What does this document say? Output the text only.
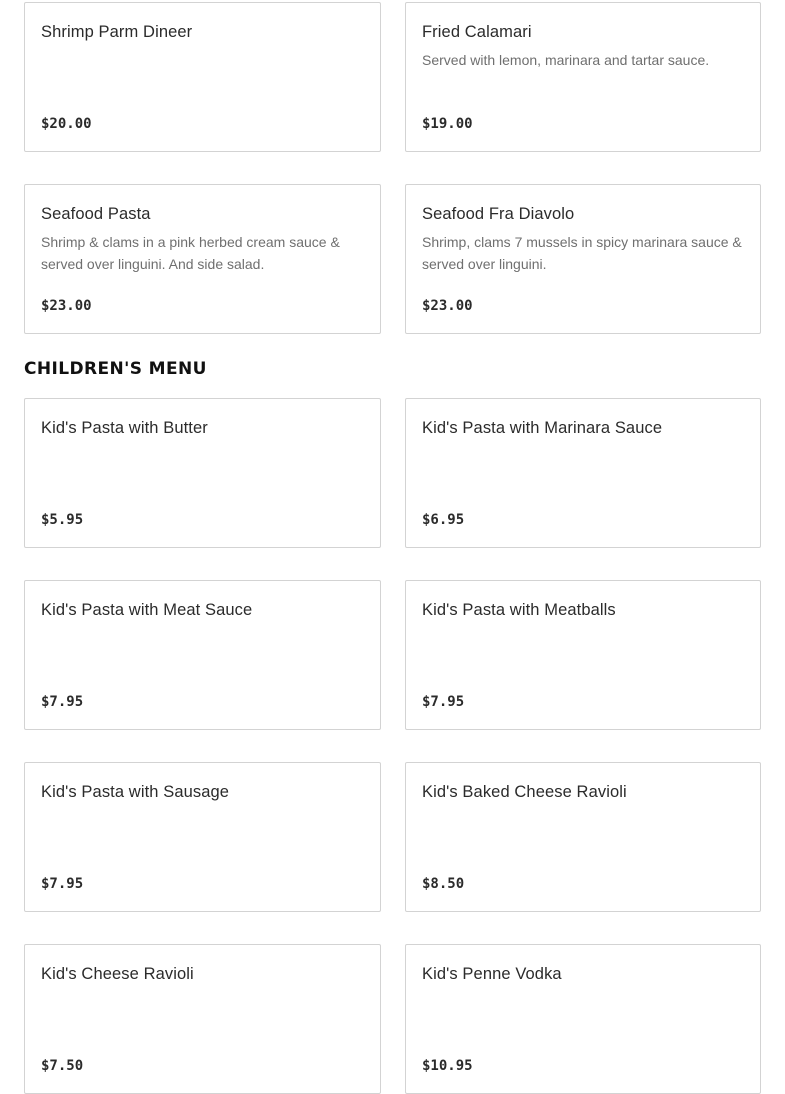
Shrimp Parm Dineer
$20.00
Fried Calamari
Served with lemon, marinara and tartar sauce.
$19.00
Seafood Pasta
Shrimp & clams in a pink herbed cream sauce & served over linguini. And side salad.
$23.00
Seafood Fra Diavolo
Shrimp, clams 7 mussels in spicy marinara sauce & served over linguini.
$23.00
CHILDREN'S MENU
Kid's Pasta with Butter
$5.95
Kid's Pasta with Marinara Sauce
$6.95
Kid's Pasta with Meat Sauce
$7.95
Kid's Pasta with Meatballs
$7.95
Kid's Pasta with Sausage
$7.95
Kid's Baked Cheese Ravioli
$8.50
Kid's Cheese Ravioli
$7.50
Kid's Penne Vodka
$10.95
